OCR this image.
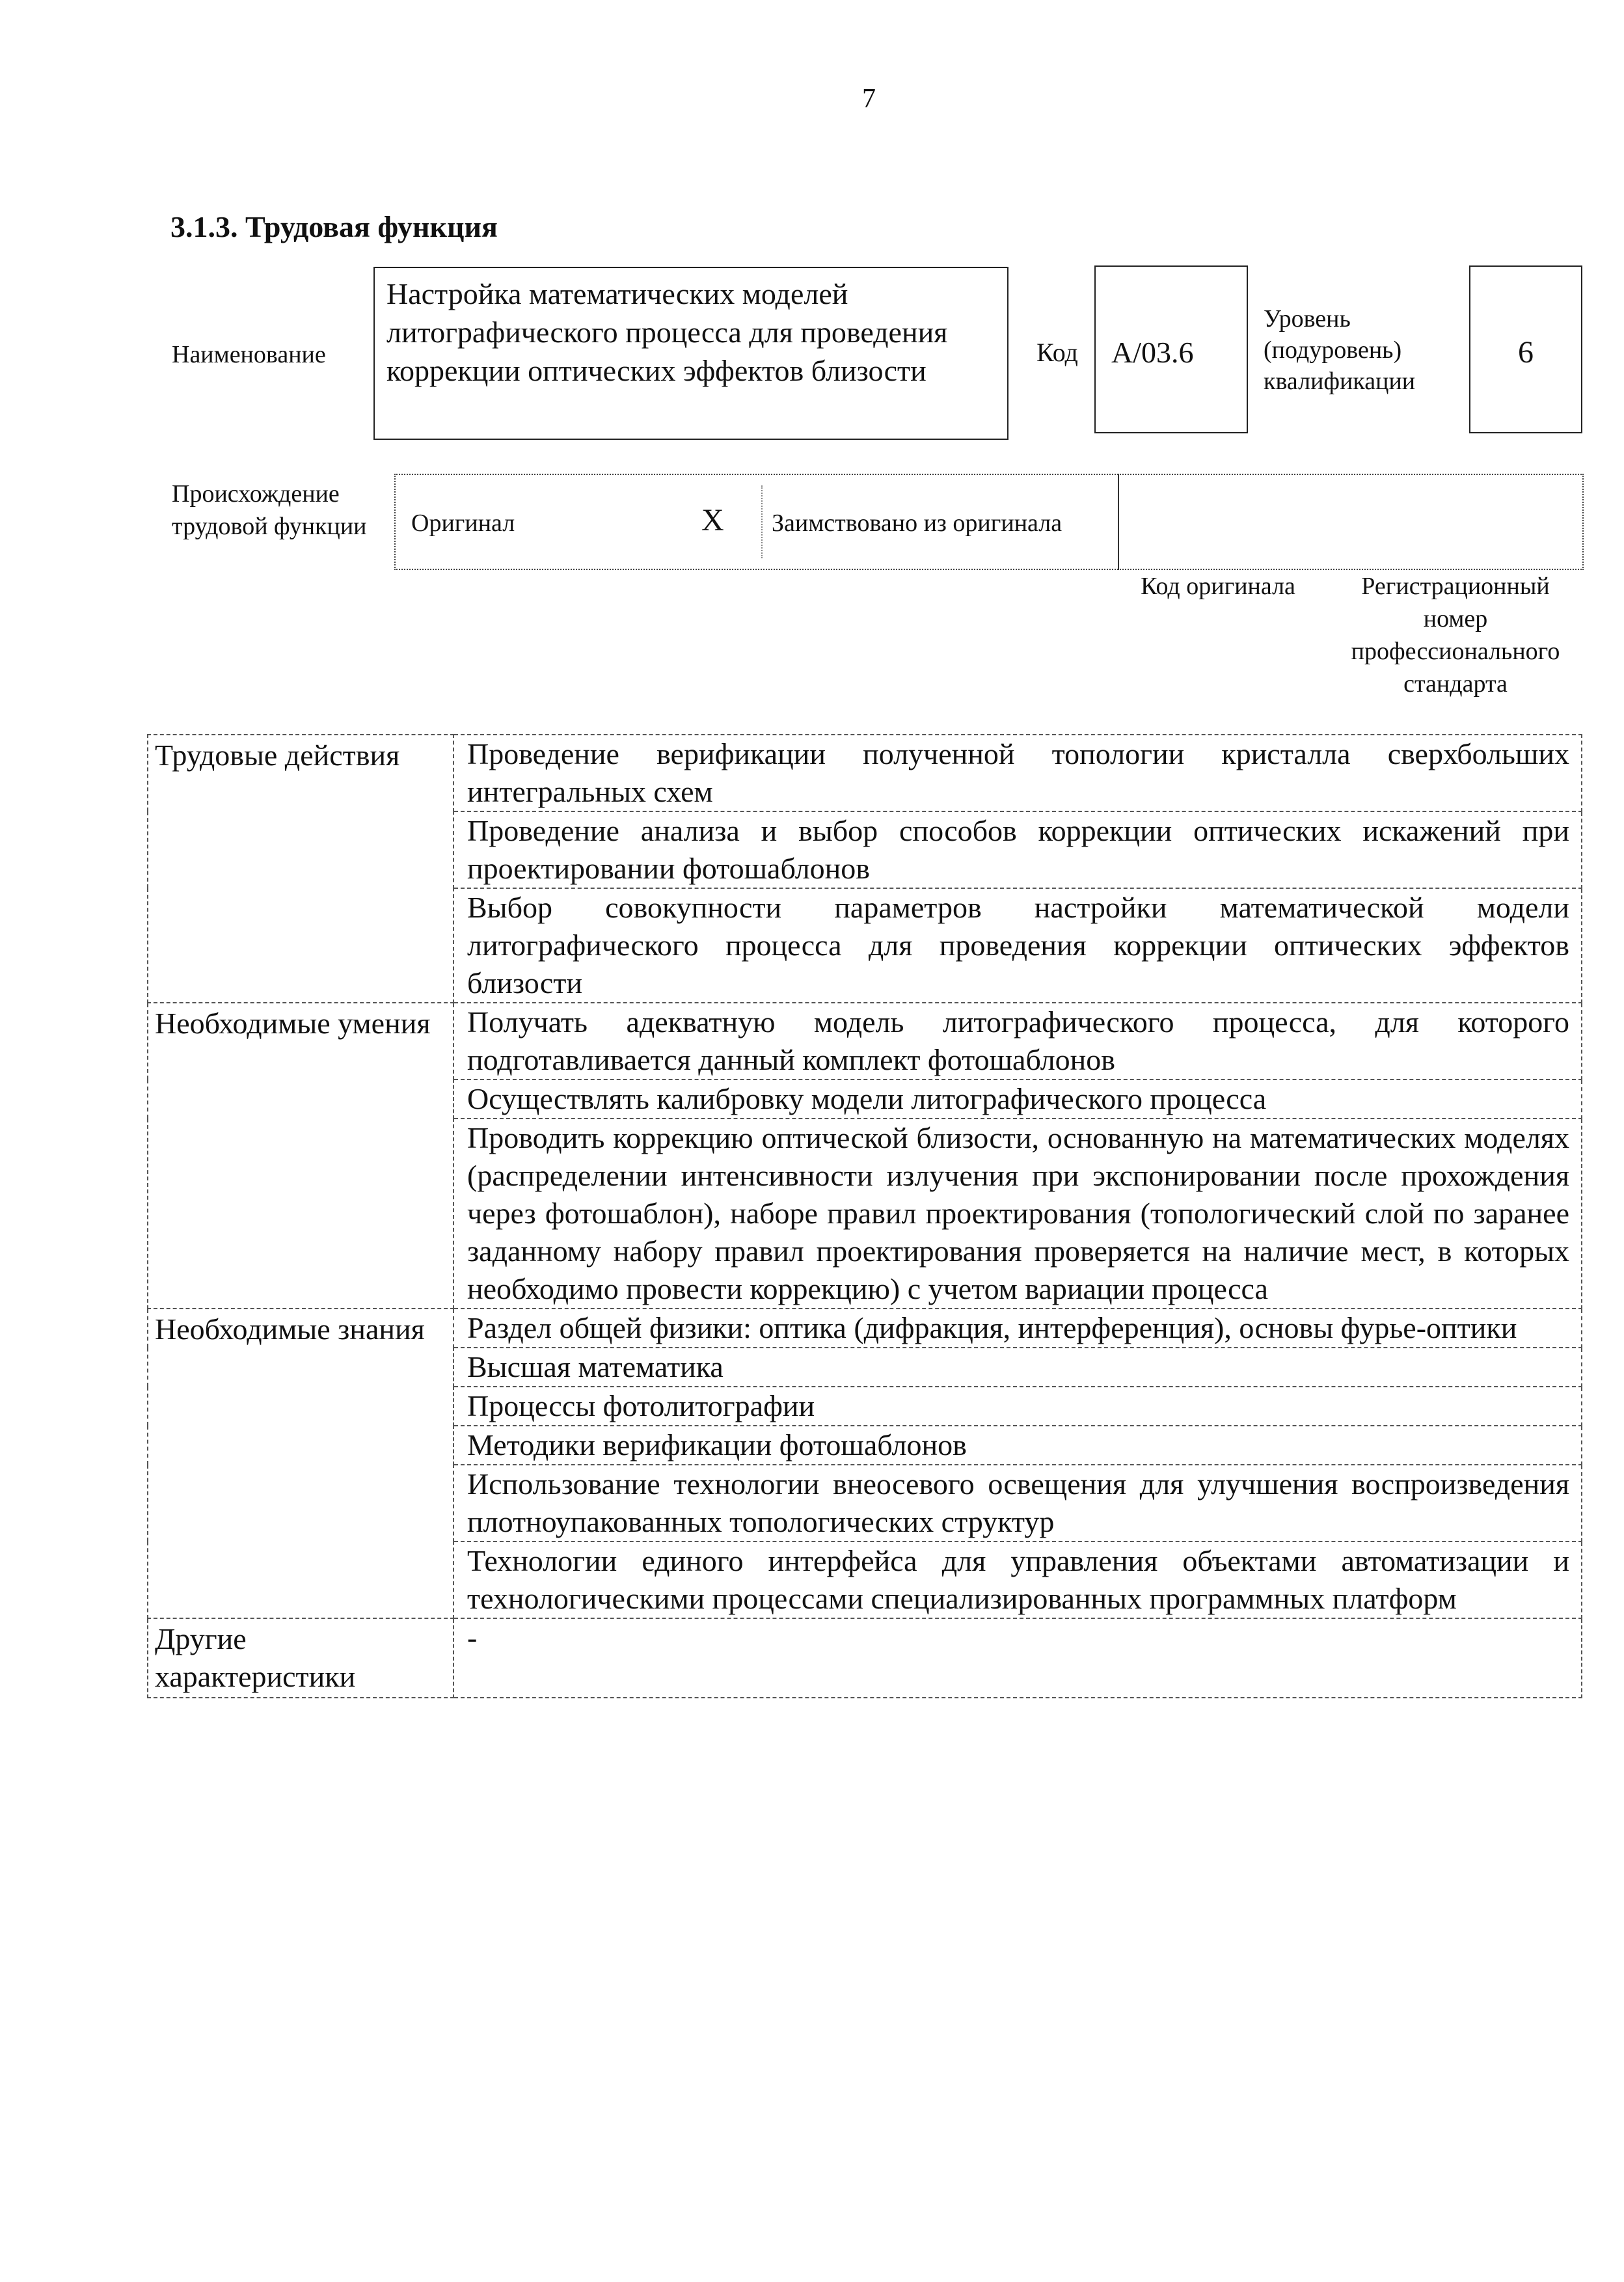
7
3.1.3. Трудовая функция
Наименование
Настройка математических моделей литографического процесса для проведения коррекции оптических эффектов близости
Код	A/03.6
Уровень (подуровень) квалификации
6
Происхождение трудовой функции	Оригинал	X Заимствовано из оригинала
Код оригинала	Регистрационный номер профессионального стандарта
Трудовые действия	Проведение верификации полученной топологии кристалла сверхбольших интегральных схем
	Проведение анализа и выбор способов коррекции оптических искажений при проектировании фотошаблонов
	Выбор совокупности параметров настройки математической модели литографического процесса для проведения коррекции оптических эффектов близости
Необходимые умения	Получать адекватную модель литографического процесса, для которого подготавливается данный комплект фотошаблонов
	Осуществлять калибровку модели литографического процесса
	Проводить коррекцию оптической близости, основанную на математических моделях (распределении интенсивности излучения при экспонировании после прохождения через фотошаблон), наборе правил проектирования (топологический слой по заранее заданному набору правил проектирования проверяется на наличие мест, в которых необходимо провести коррекцию) с учетом вариации процесса
Необходимые знания	Раздел общей физики: оптика (дифракция, интерференция), основы фурье-оптики
	Высшая математика
	Процессы фотолитографии
	Методики верификации фотошаблонов
	Использование технологии внеосевого освещения для улучшения воспроизведения плотноупакованных топологических структур
	Технологии единого интерфейса для управления объектами автоматизации и технологическими процессами специализированных программных платформ
Другие характеристики	-
